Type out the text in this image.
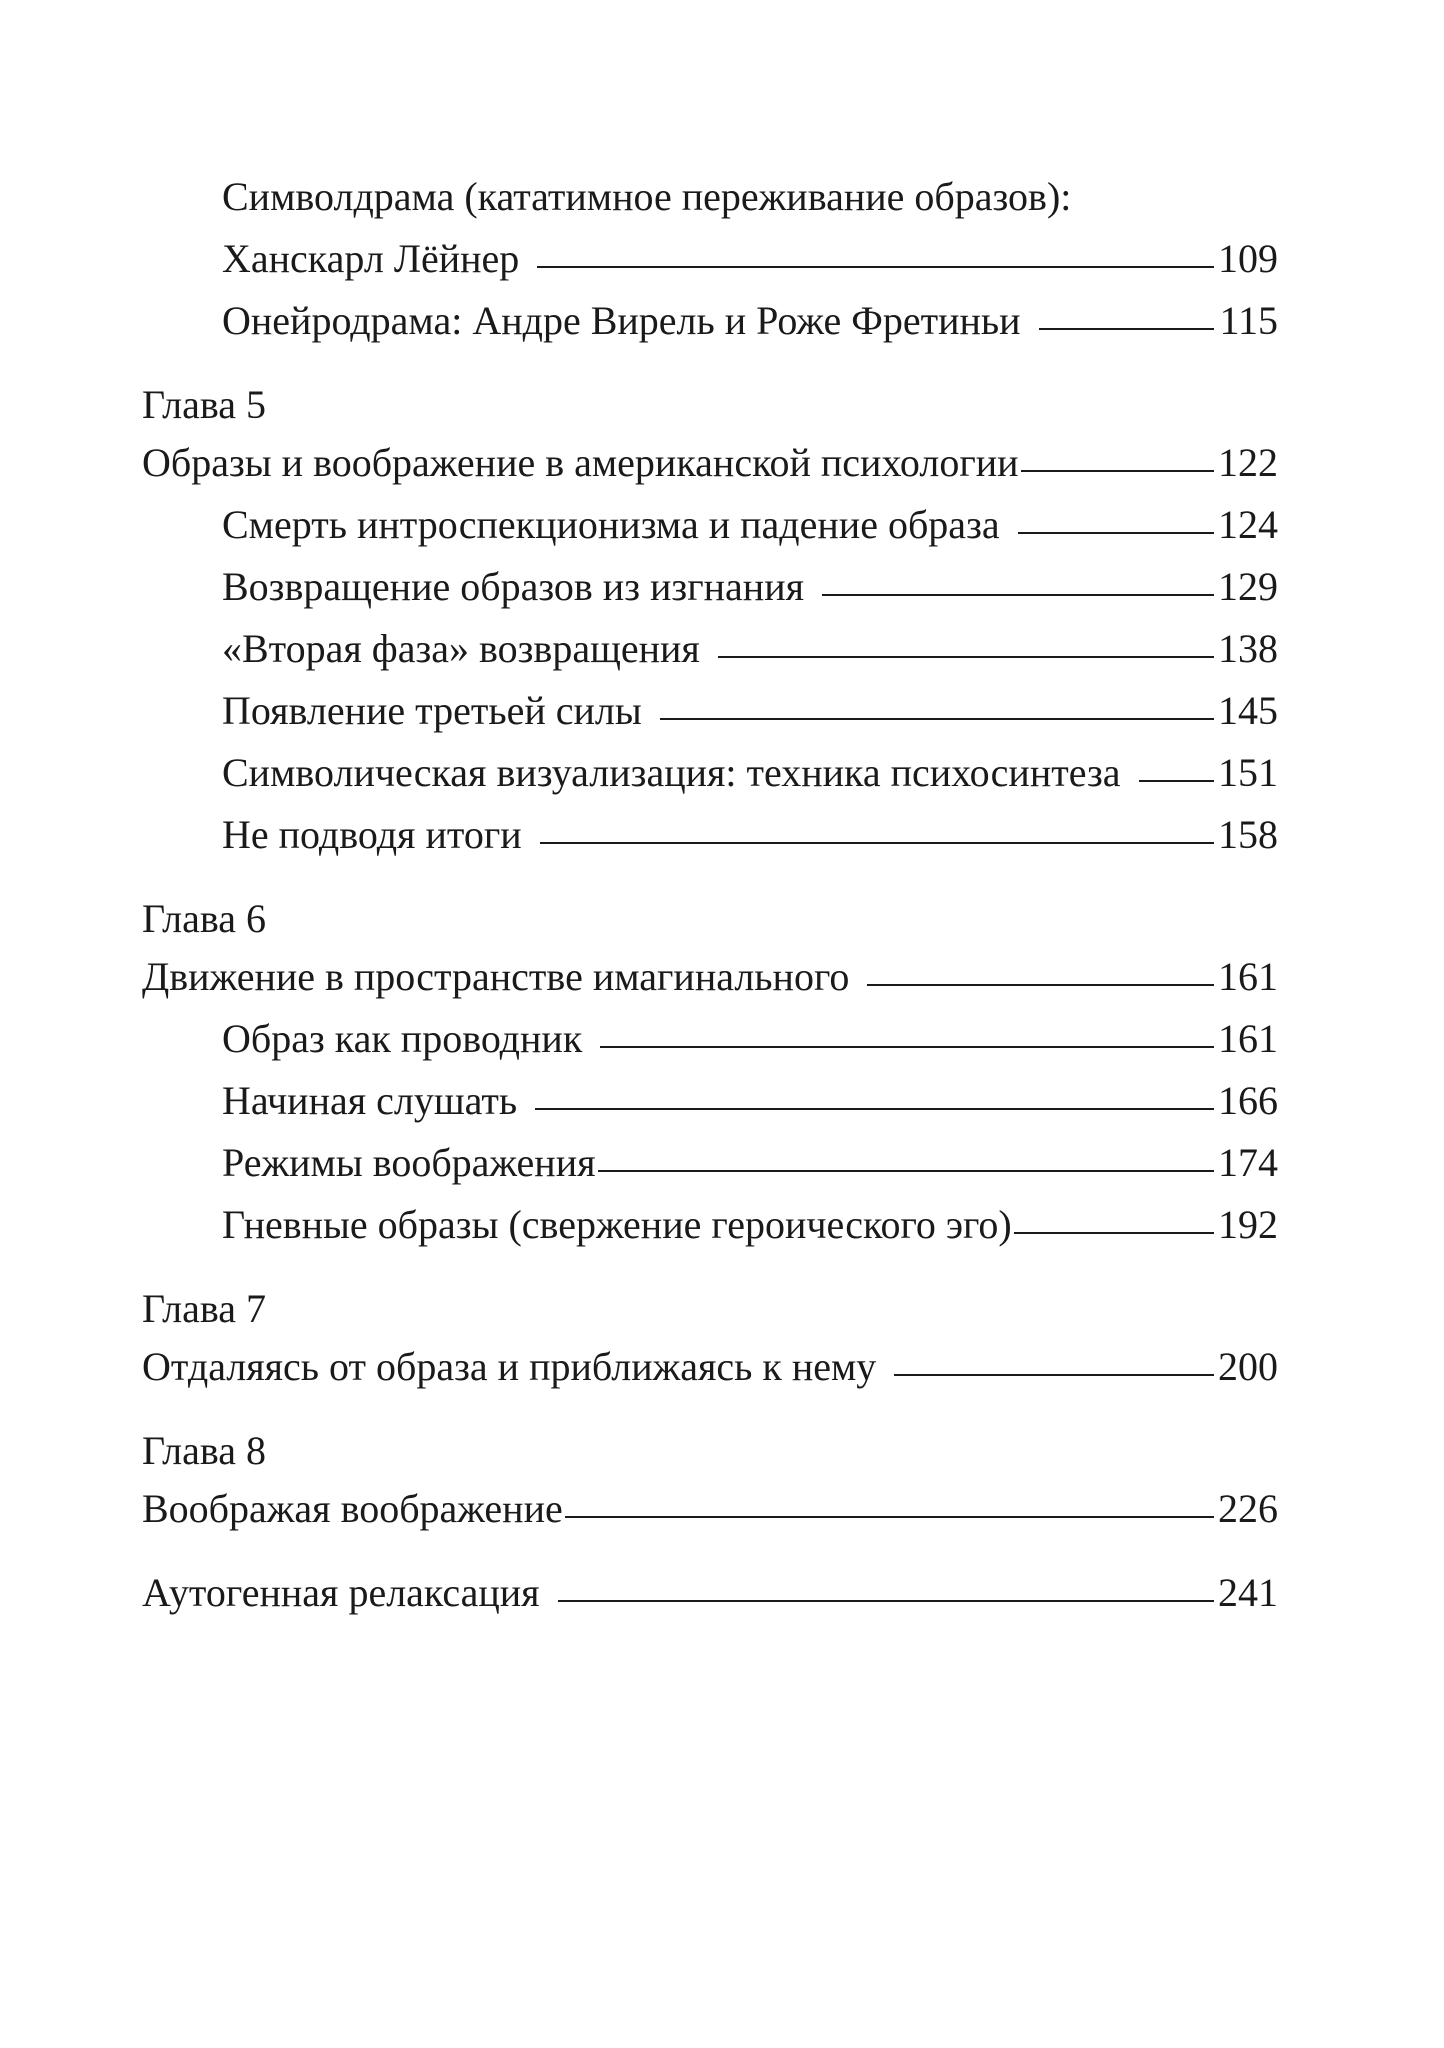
Символдрама (кататимное переживание образов):
Ханскарл Лёйнер	109
Онейродрама: Андре Вирель и Роже Фретиньи	115
Глава 5
Образы и воображение в американской психологии	122
Смерть интроспекционизма и падение образа	124
Возвращение образов из изгнания	129
«Вторая фаза» возвращения	138
Появление третьей силы	145
Символическая визуализация: техника психосинтеза 151
Не подводя итоги	158
Глава 6
Движение в пространстве имагинального	161
Образ как проводник	161
Начиная слушать	166
Режимы воображения	174
Гневные образы (свержение героического эго)	192
Глава 7
Отдаляясь от образа и приближаясь к нему	200
Глава 8
Воображая воображение	226
Аутогенная релаксация	241
